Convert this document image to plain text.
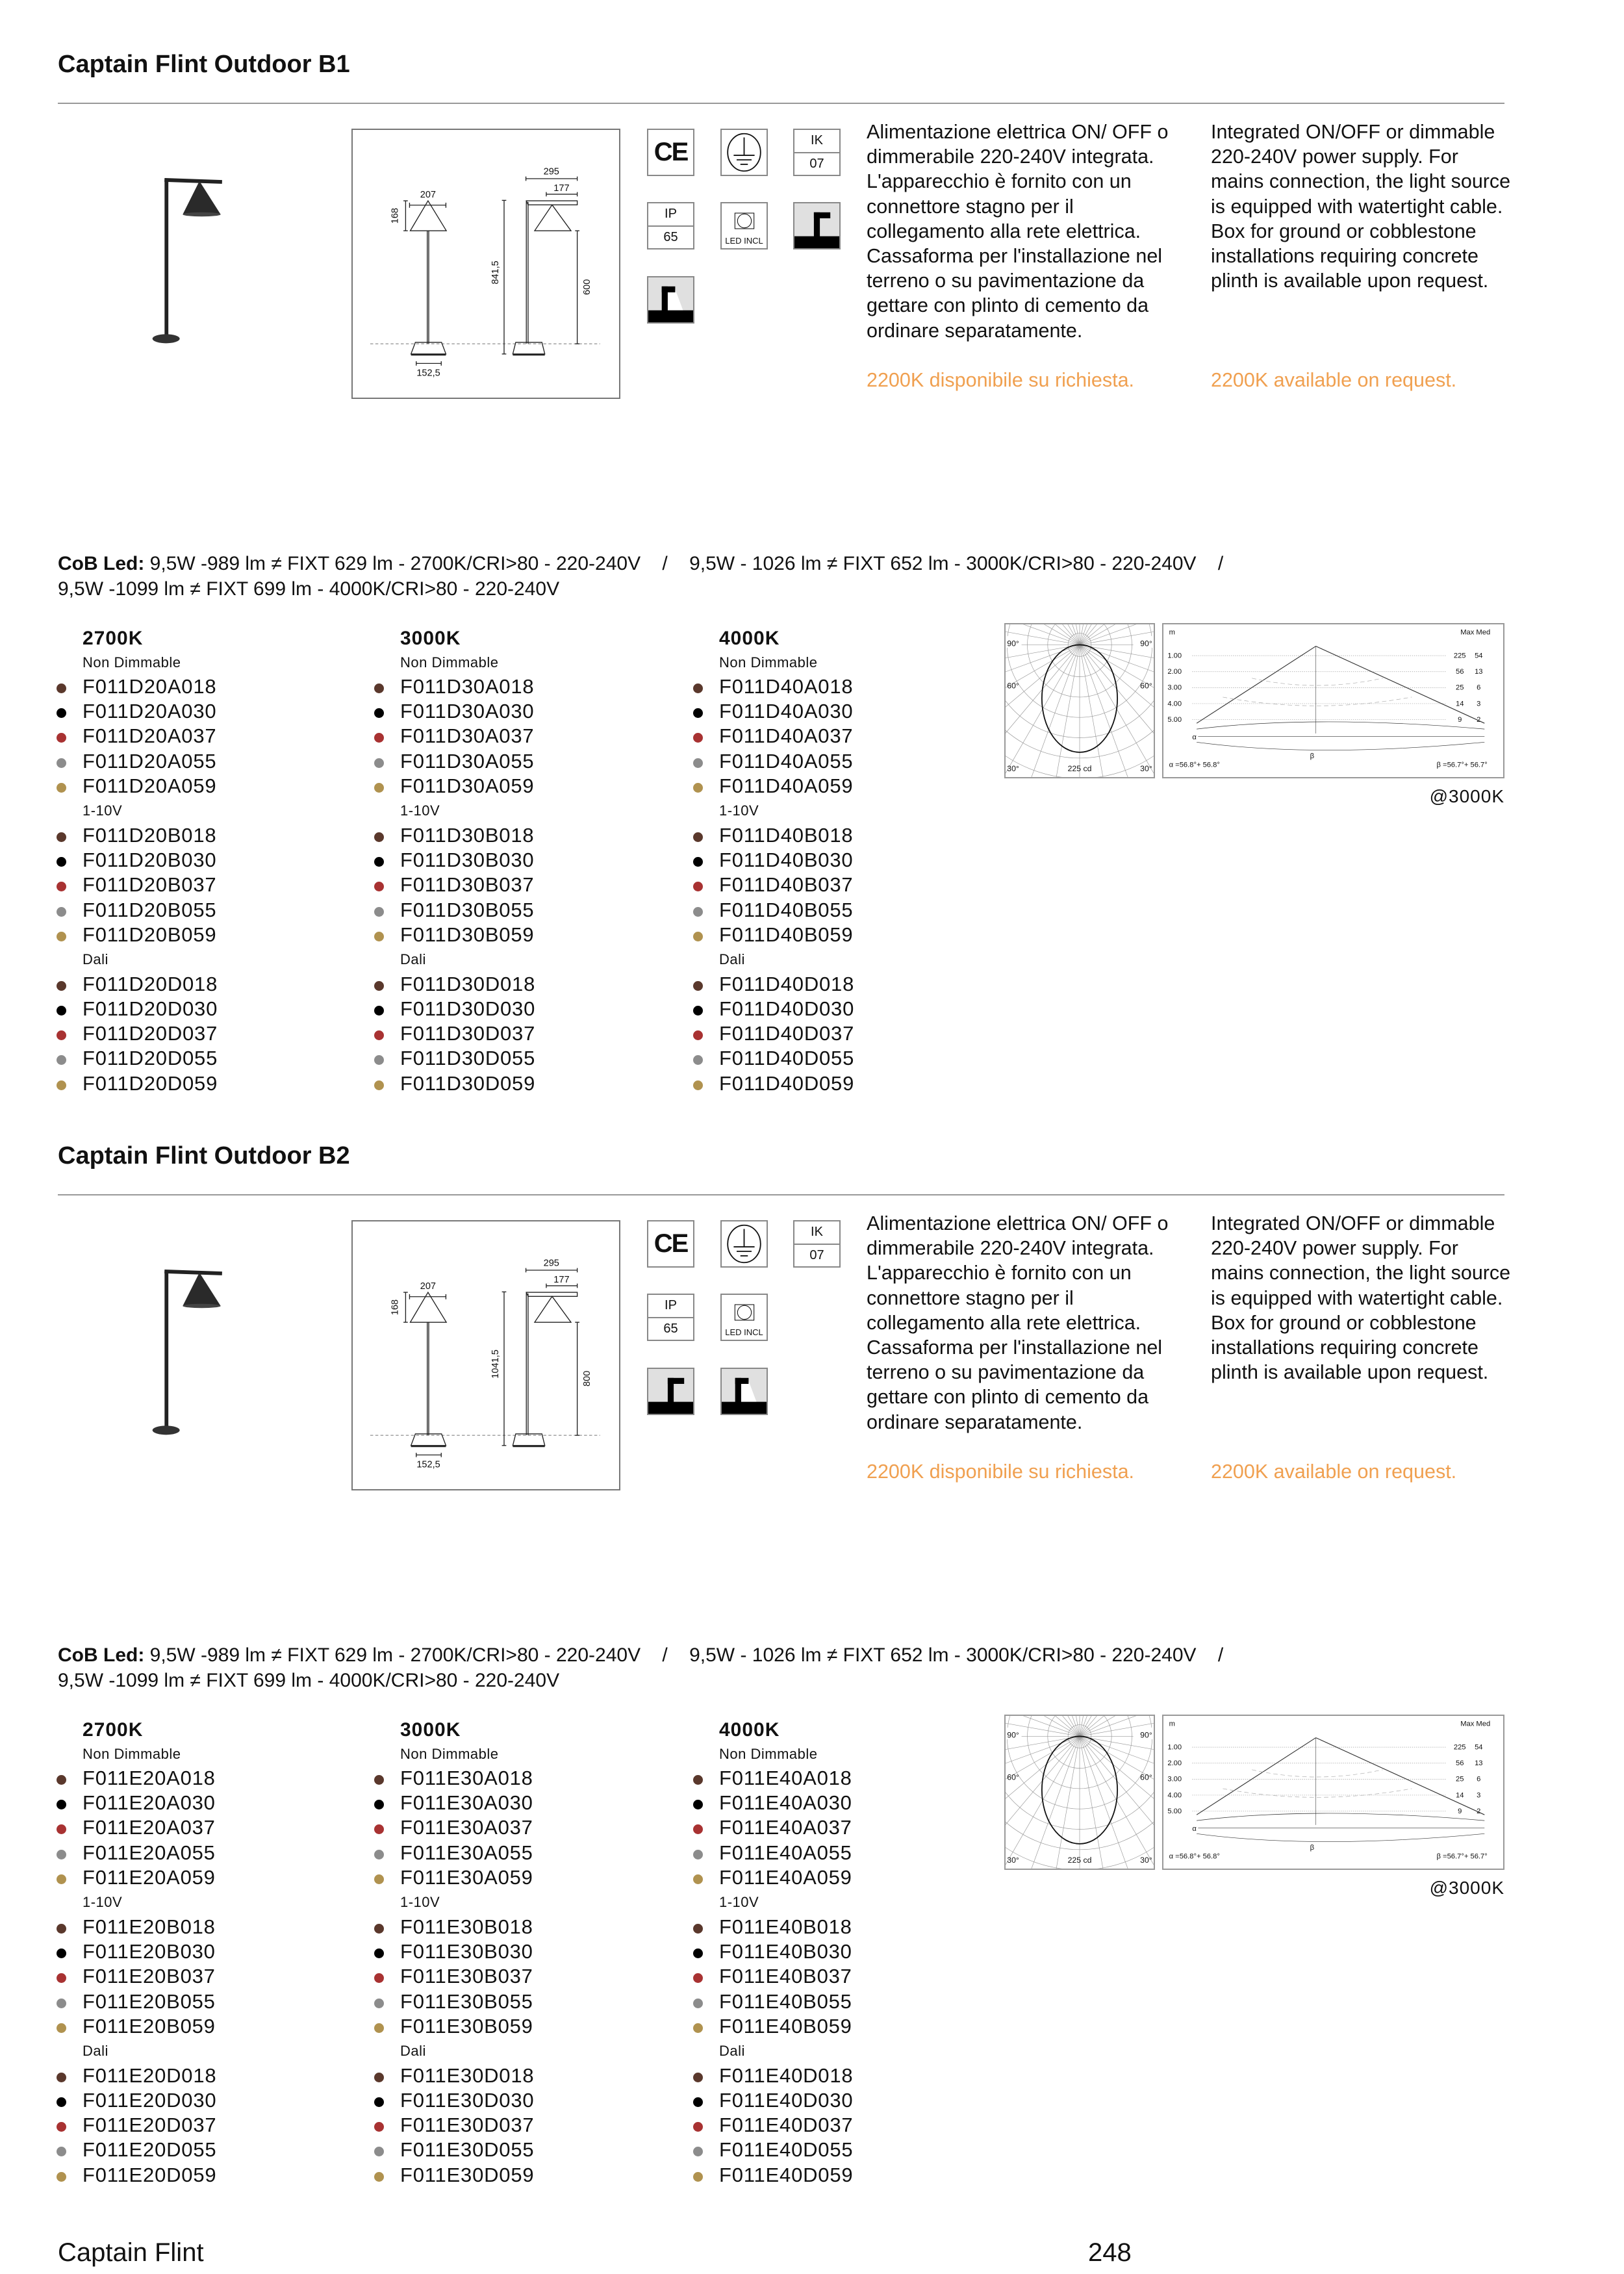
Captain Flint Outdoor B1
207
168
152,5
295
177
841,5
600
CE	IK
07
IP
65	LED INCL
Alimentazione elettrica ON/ OFF o dimmerabile 220-240V integrata. L'apparecchio è fornito con un connettore stagno per il collegamento alla rete elettrica. Cassaforma per l'installazione nel terreno o su pavimentazione da gettare con plinto di cemento da ordinare separatamente.
Integrated ON/OFF or dimmable 220-240V power supply. For mains connection, the light source is equipped with watertight cable. Box for ground or cobblestone installations requiring concrete plinth is available upon request.
2200K disponibile su richiesta.	2200K available on request.
CoB Led: 9,5W -989 lm ≠ FIXT 629 lm - 2700K/CRI>80 - 220-240V    /    9,5W - 1026 lm ≠ FIXT 652 lm - 3000K/CRI>80 - 220-240V    /
9,5W -1099 lm ≠ FIXT 699 lm - 4000K/CRI>80 - 220-240V
2700K
Non Dimmable
F011D20A018
F011D20A030
F011D20A037
F011D20A055
F011D20A059
1-10V
F011D20B018
F011D20B030
F011D20B037
F011D20B055
F011D20B059
Dali
F011D20D018
F011D20D030
F011D20D037
F011D20D055
F011D20D059
3000K
Non Dimmable
F011D30A018
F011D30A030
F011D30A037
F011D30A055
F011D30A059
1-10V
F011D30B018
F011D30B030
F011D30B037
F011D30B055
F011D30B059
Dali
F011D30D018
F011D30D030
F011D30D037
F011D30D055
F011D30D059
4000K
Non Dimmable
F011D40A018
F011D40A030
F011D40A037
F011D40A055
F011D40A059
1-10V
F011D40B018
F011D40B030
F011D40B037
F011D40B055
F011D40B059
Dali
F011D40D018
F011D40D030
F011D40D037
F011D40D055
F011D40D059
90°	90°
60°	60°
30°	30°
225 cd
m	Max Med
1.00	225	54
2.00	56	13
3.00	25	6
4.00	14	3
5.00	9	2
α
β
α =56.8°+ 56.8°	β =56.7°+ 56.7°
@3000K
Captain Flint Outdoor B2
207
168
152,5
295
177
1041,5
800
CE	IK
07
IP
65	LED INCL
Alimentazione elettrica ON/ OFF o dimmerabile 220-240V integrata. L'apparecchio è fornito con un connettore stagno per il collegamento alla rete elettrica. Cassaforma per l'installazione nel terreno o su pavimentazione da gettare con plinto di cemento da ordinare separatamente.
Integrated ON/OFF or dimmable 220-240V power supply. For mains connection, the light source is equipped with watertight cable. Box for ground or cobblestone installations requiring concrete plinth is available upon request.
2200K disponibile su richiesta.	2200K available on request.
CoB Led: 9,5W -989 lm ≠ FIXT 629 lm - 2700K/CRI>80 - 220-240V    /    9,5W - 1026 lm ≠ FIXT 652 lm - 3000K/CRI>80 - 220-240V    /
9,5W -1099 lm ≠ FIXT 699 lm - 4000K/CRI>80 - 220-240V
2700K
Non Dimmable
F011E20A018
F011E20A030
F011E20A037
F011E20A055
F011E20A059
1-10V
F011E20B018
F011E20B030
F011E20B037
F011E20B055
F011E20B059
Dali
F011E20D018
F011E20D030
F011E20D037
F011E20D055
F011E20D059
3000K
Non Dimmable
F011E30A018
F011E30A030
F011E30A037
F011E30A055
F011E30A059
1-10V
F011E30B018
F011E30B030
F011E30B037
F011E30B055
F011E30B059
Dali
F011E30D018
F011E30D030
F011E30D037
F011E30D055
F011E30D059
4000K
Non Dimmable
F011E40A018
F011E40A030
F011E40A037
F011E40A055
F011E40A059
1-10V
F011E40B018
F011E40B030
F011E40B037
F011E40B055
F011E40B059
Dali
F011E40D018
F011E40D030
F011E40D037
F011E40D055
F011E40D059
90°	90°
60°	60°
30°	30°
225 cd
m	Max Med
1.00	225	54
2.00	56	13
3.00	25	6
4.00	14	3
5.00	9	2
α
β
α =56.8°+ 56.8°	β =56.7°+ 56.7°
@3000K
Captain Flint	248
